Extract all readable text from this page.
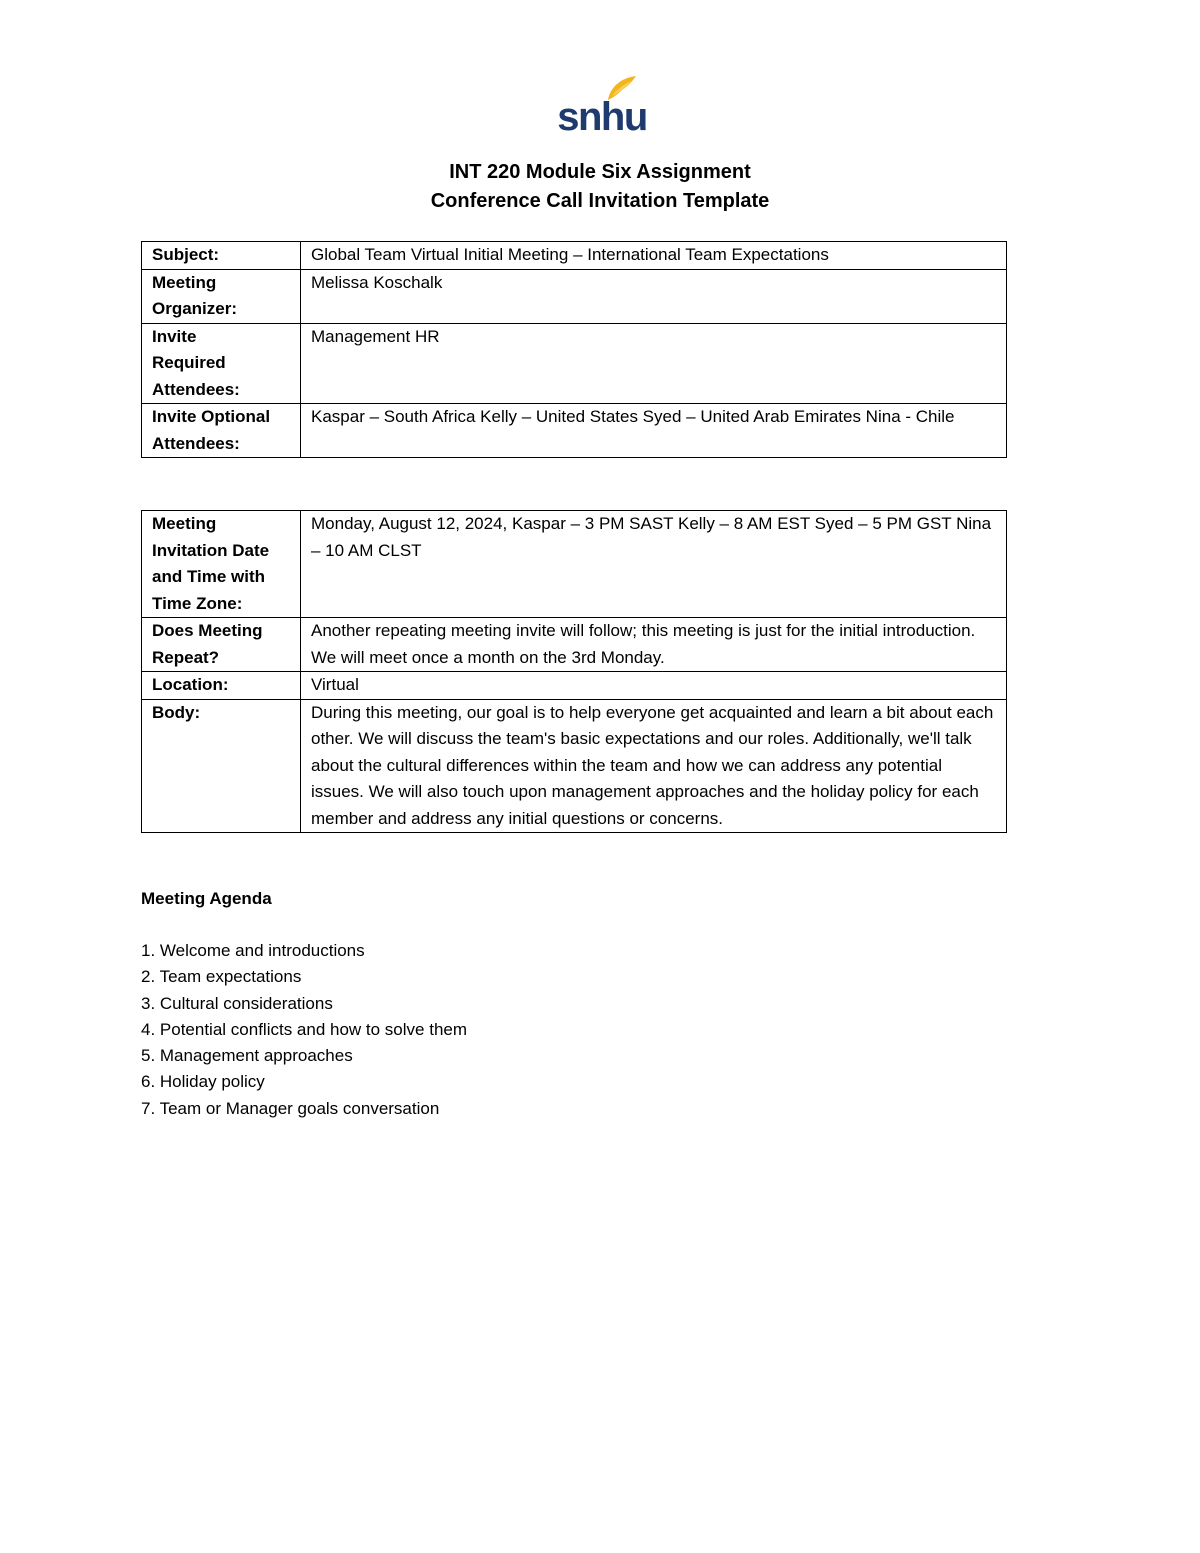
snhu
INT 220 Module Six Assignment
Conference Call Invitation Template
Subject:	Global Team Virtual Initial Meeting – International Team Expectations
Meeting Organizer:	Melissa Koschalk
Invite Required Attendees:	Management HR
Invite Optional Attendees:	Kaspar – South Africa Kelly – United States Syed – United Arab Emirates Nina - Chile
Meeting Invitation Date and Time with Time Zone:	Monday, August 12, 2024, Kaspar – 3 PM SAST Kelly – 8 AM EST Syed – 5 PM GST Nina – 10 AM CLST
Does Meeting Repeat?	Another repeating meeting invite will follow; this meeting is just for the initial introduction. We will meet once a month on the 3rd Monday.
Location:	Virtual
Body:	During this meeting, our goal is to help everyone get acquainted and learn a bit about each other. We will discuss the team's basic expectations and our roles. Additionally, we'll talk about the cultural differences within the team and how we can address any potential issues. We will also touch upon management approaches and the holiday policy for each member and address any initial questions or concerns.
Meeting Agenda
1. Welcome and introductions
2. Team expectations
3. Cultural considerations
4. Potential conflicts and how to solve them
5. Management approaches
6. Holiday policy
7. Team or Manager goals conversation
